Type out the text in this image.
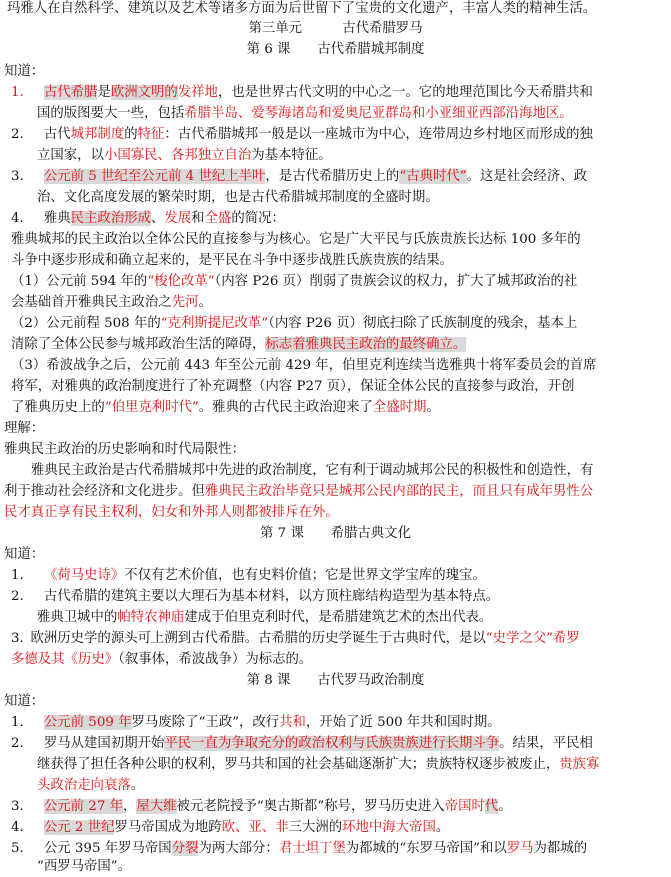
玛雅人在自然科学、建筑以及艺术等诸多方面为后世留下了宝贵的文化遗产，丰富人类的精神生活。
第三单元   	古代希腊罗马
第 6 课   古代希腊城邦制度
知道：
1.   古代希腊是欧洲文明的发祥地，也是世界古代文明的中心之一。它的地理范围比今天希腊共和
国的版图要大一些，包括希腊半岛、爱琴海诸岛和爱奥尼亚群岛和小亚细亚西部沿海地区。
2.   古代城邦制度的特征：古代希腊城邦一般是以一座城市为中心，连带周边乡村地区而形成的独
立国家，以小国寡民、各邦独立自治为基本特征。
3.   公元前 5 世纪至公元前 4 世纪上半叶，是古代希腊历史上的“古典时代”。这是社会经济、政
治、文化高度发展的繁荣时期，也是古代希腊城邦制度的全盛时期。
4.   雅典民主政治形成、发展和全盛的简况：
雅典城邦的民主政治以全体公民的直接参与为核心。它是广大平民与氏族贵族长达标 100 多年的
斗争中逐步形成和确立起来的，是平民在斗争中逐步战胜氏族贵族的结果。
（1）公元前 594 年的“梭伦改革”（内容 P26 页）削弱了贵族会议的权力，扩大了城邦政治的社
会基础首开雅典民主政治之先河。
（2）公元前程 508 年的“克利斯提尼改革”（内容 P26 页）彻底扫除了氏族制度的残余，基本上
清除了全体公民参与城邦政治生活的障碍，标志着雅典民主政治的最终确立。
（3）希波战争之后，公元前 443 年至公元前 429 年，伯里克利连续当选雅典十将军委员会的首席
将军，对雅典的政治制度进行了补充调整（内容 P27 页），保证全体公民的直接参与政治，开创
了雅典历史上的“伯里克利时代”。雅典的古代民主政治迎来了全盛时期。
理解：
雅典民主政治的历史影响和时代局限性：
雅典民主政治是古代希腊城邦中先进的政治制度，它有利于调动城邦公民的积极性和创造性，有
利于推动社会经济和文化进步。但雅典民主政治毕竟只是城邦公民内部的民主，而且只有成年男性公
民才真正享有民主权利，妇女和外邦人则都被排斥在外。
第 7 课   希腊古典文化
知道：
1.   《荷马史诗》不仅有艺术价值，也有史料价值；它是世界文学宝库的瑰宝。
2.   古代希腊的建筑主要以大理石为基本材料，以方顶柱廊结构造型为基本特点。
雅典卫城中的帕特农神庙建成于伯里克利时代，是希腊建筑艺术的杰出代表。
3.  欧洲历史学的源头可上溯到古代希腊。古希腊的历史学诞生于古典时代，是以“史学之父”希罗
多德及其《历史》（叙事体，希波战争）为标志的。
第 8 课   古代罗马政治制度
知道：
1.   公元前 509 年罗马废除了“王政”，改行共和，开始了近 500 年共和国时期。
2.   罗马从建国初期开始平民一直为争取充分的政治权利与氏族贵族进行长期斗争。结果，平民相
继获得了担任各种公职的权利，罗马共和国的社会基础逐渐扩大；贵族特权逐步被废止，贵族寡
头政治走向衰落。
3.   公元前 27 年，屋大维被元老院授予“奥古斯都”称号，罗马历史进入帝国时代。
4.   公元 2 世纪罗马帝国成为地跨欧、亚、非三大洲的环地中海大帝国。
5.   公元 395 年罗马帝国分裂为两大部分：君士坦丁堡为都城的“东罗马帝国”和以罗马为都城的
“西罗马帝国”。
